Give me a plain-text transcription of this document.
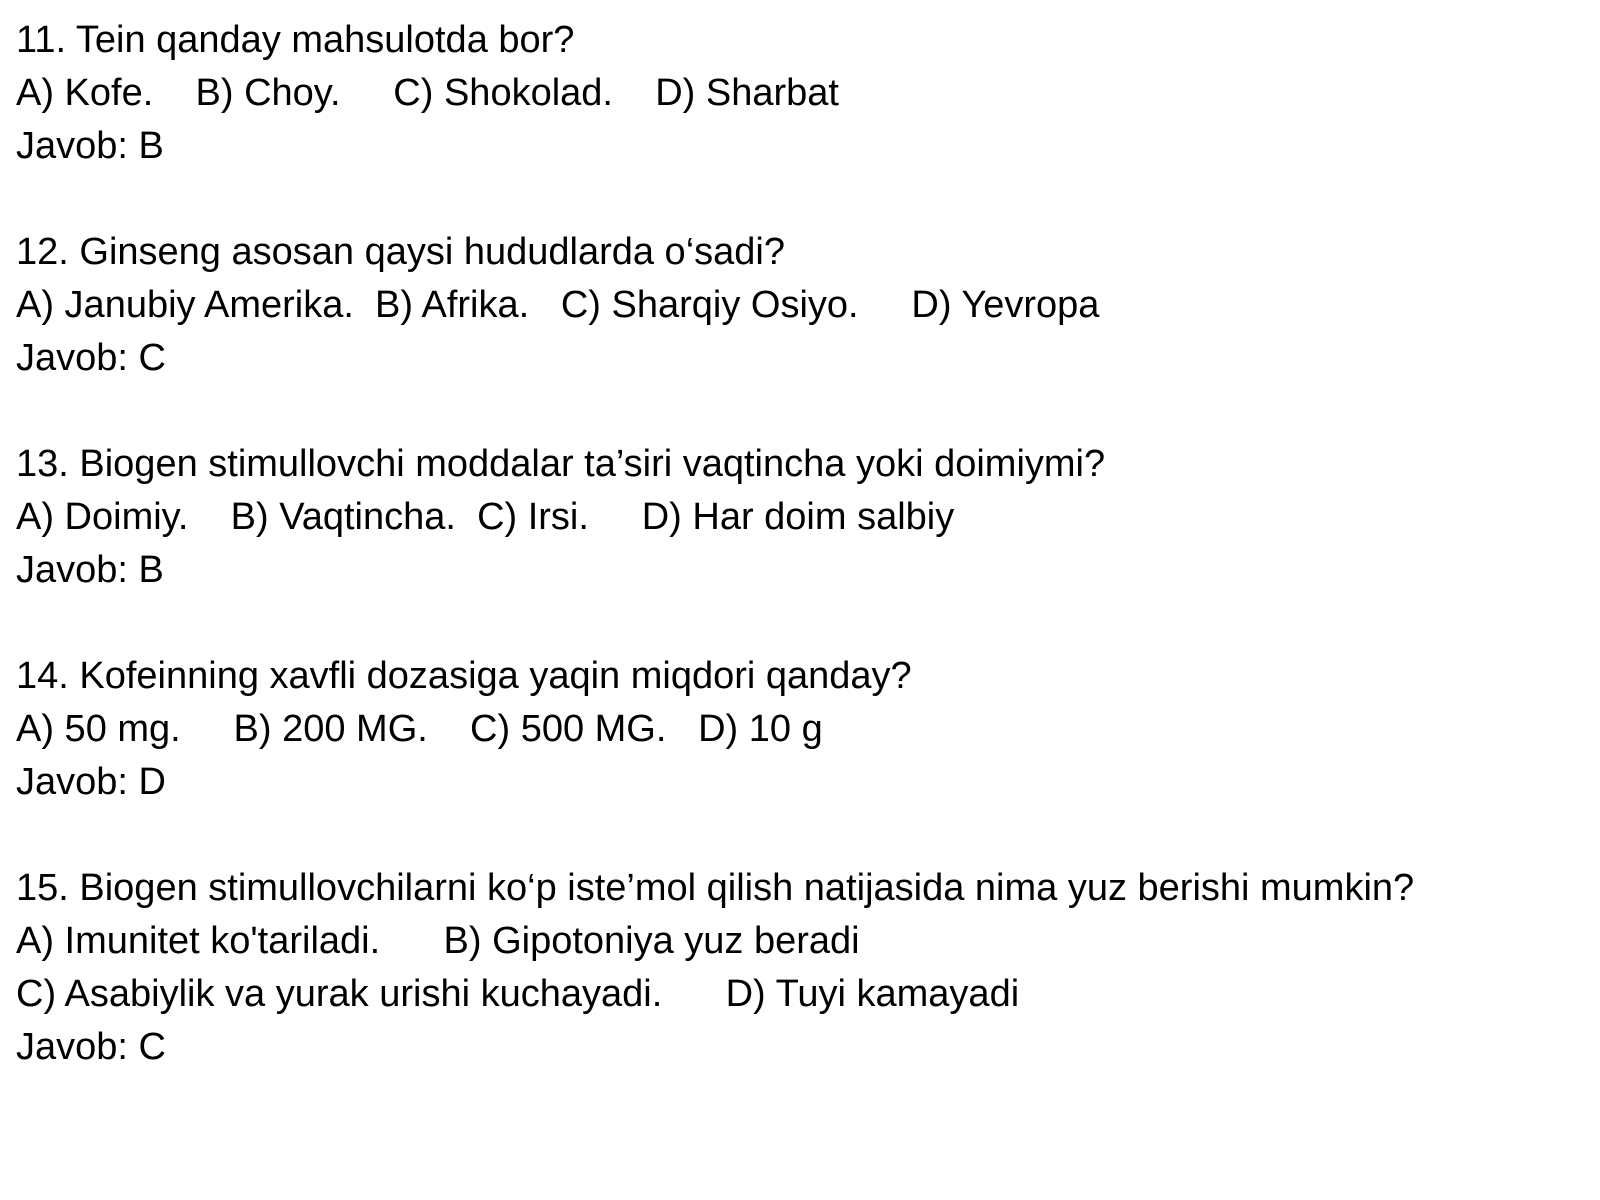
11. Tein qanday mahsulotda bor?

A) Kofe.    B) Choy.     C) Shokolad.    D) Sharbat

Javob: B

12. Ginseng asosan qaysi hududlarda o‘sadi?

A) Janubiy Amerika.  B) Afrika.   C) Sharqiy Osiyo.     D) Yevropa

Javob: C

13. Biogen stimullovchi moddalar ta’siri vaqtincha yoki doimiymi?

A) Doimiy.    B) Vaqtincha.  C) Irsi.     D) Har doim salbiy

Javob: B

14. Kofeinning xavfli dozasiga yaqin miqdori qanday?

A) 50 mg.     B) 200 MG.    C) 500 MG.   D) 10 g

Javob: D

15. Biogen stimullovchilarni ko‘p iste’mol qilish natijasida nima yuz berishi mumkin?

A) Imunitet ko'tariladi.      B) Gipotoniya yuz beradi

C) Asabiylik va yurak urishi kuchayadi.      D) Tuyi kamayadi

Javob: C
